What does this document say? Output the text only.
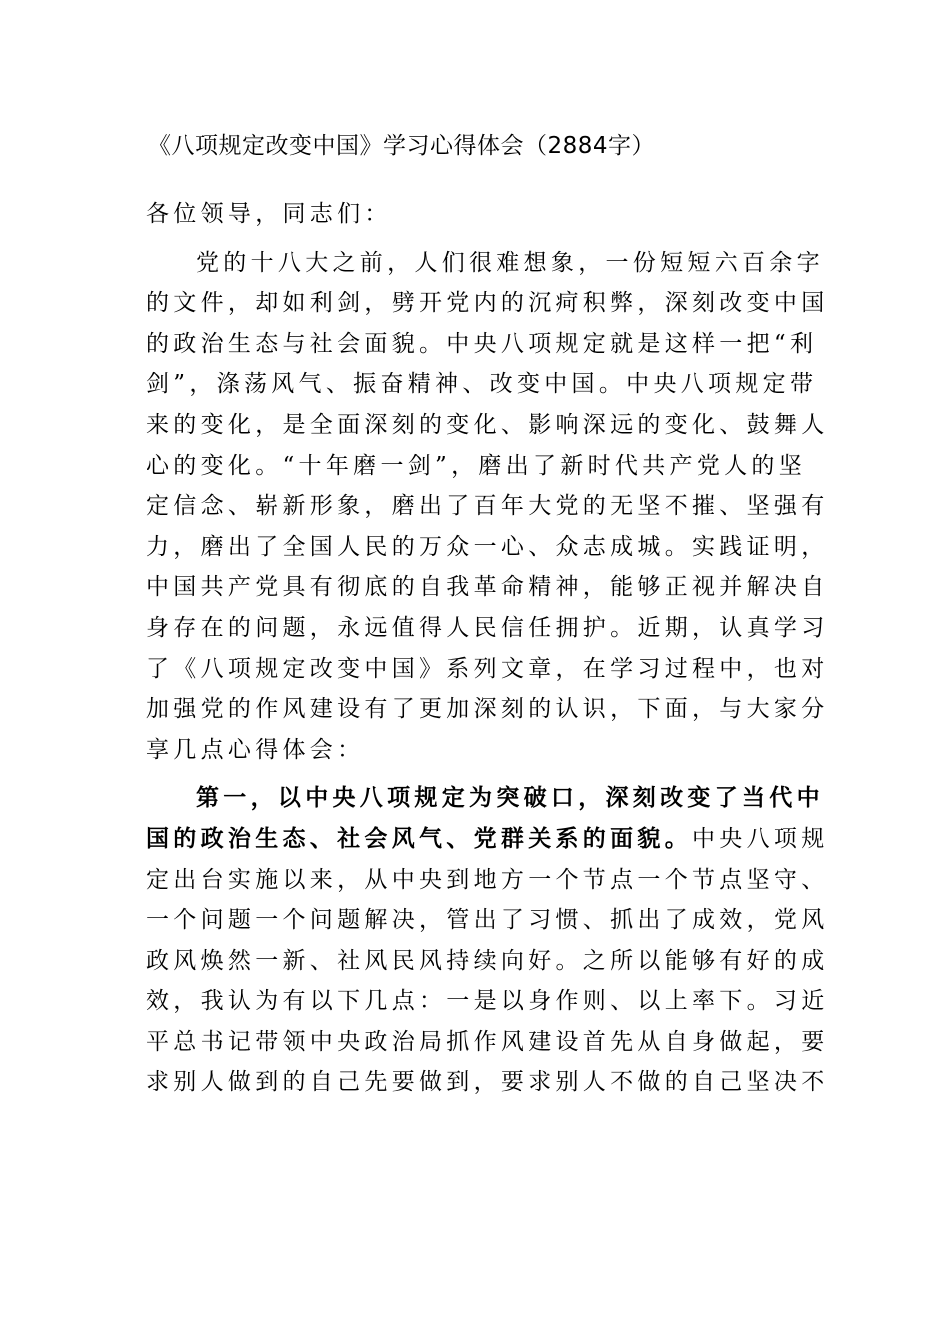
《八项规定改变中国》学习心得体会（2884字）
各位领导，同志们：
党的十八大之前，人们很难想象，一份短短六百余字
的文件，却如利剑，劈开党内的沉疴积弊，深刻改变中国
的政治生态与社会面貌。中央八项规定就是这样一把“利
剑”，涤荡风气、振奋精神、改变中国。中央八项规定带
来的变化，是全面深刻的变化、影响深远的变化、鼓舞人
心的变化。“十年磨一剑”，磨出了新时代共产党人的坚
定信念、崭新形象，磨出了百年大党的无坚不摧、坚强有
力，磨出了全国人民的万众一心、众志成城。实践证明，
中国共产党具有彻底的自我革命精神，能够正视并解决自
身存在的问题，永远值得人民信任拥护。近期，认真学习
了《八项规定改变中国》系列文章，在学习过程中，也对
加强党的作风建设有了更加深刻的认识，下面，与大家分
享几点心得体会：
第一，以中央八项规定为突破口，深刻改变了当代中
国的政治生态、社会风气、党群关系的面貌。中央八项规
定出台实施以来，从中央到地方一个节点一个节点坚守、
一个问题一个问题解决，管出了习惯、抓出了成效，党风
政风焕然一新、社风民风持续向好。之所以能够有好的成
效，我认为有以下几点：一是以身作则、以上率下。习近
平总书记带领中央政治局抓作风建设首先从自身做起，要
求别人做到的自己先要做到，要求别人不做的自己坚决不
